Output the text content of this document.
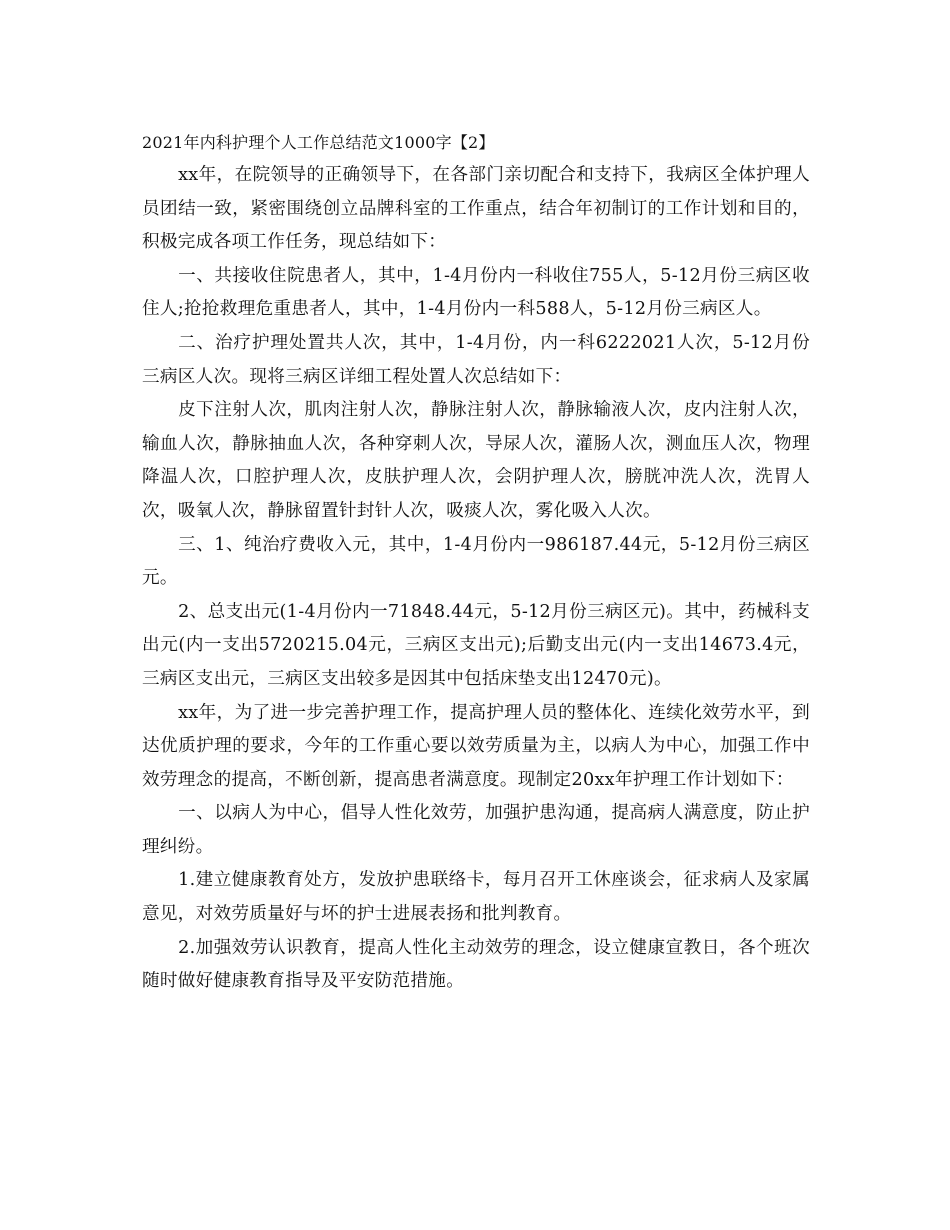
2021年内科护理个人工作总结范文1000字【2】

xx年，在院领导的正确领导下，在各部门亲切配合和支持下，我病区全体护理人员团结一致，紧密围绕创立品牌科室的工作重点，结合年初制订的工作计划和目的，积极完成各项工作任务，现总结如下：

一、共接收住院患者人，其中，1-4月份内一科收住755人，5-12月份三病区收住人;抢抢救理危重患者人，其中，1-4月份内一科588人，5-12月份三病区人。

二、治疗护理处置共人次，其中，1-4月份，内一科6222021人次，5-12月份三病区人次。现将三病区详细工程处置人次总结如下：

皮下注射人次，肌肉注射人次，静脉注射人次，静脉输液人次，皮内注射人次，输血人次，静脉抽血人次，各种穿刺人次，导尿人次，灌肠人次，测血压人次，物理降温人次，口腔护理人次，皮肤护理人次，会阴护理人次，膀胱冲洗人次，洗胃人次，吸氧人次，静脉留置针封针人次，吸痰人次，雾化吸入人次。

三、1、纯治疗费收入元，其中，1-4月份内一986187.44元，5-12月份三病区元。

2、总支出元(1-4月份内一71848.44元，5-12月份三病区元)。其中，药械科支出元(内一支出5720215.04元，三病区支出元);后勤支出元(内一支出14673.4元，三病区支出元，三病区支出较多是因其中包括床垫支出12470元)。

xx年，为了进一步完善护理工作，提高护理人员的整体化、连续化效劳水平，到达优质护理的要求，今年的工作重心要以效劳质量为主，以病人为中心，加强工作中效劳理念的提高，不断创新，提高患者满意度。现制定20xx年护理工作计划如下：

一、以病人为中心，倡导人性化效劳，加强护患沟通，提高病人满意度，防止护理纠纷。

1.建立健康教育处方，发放护患联络卡，每月召开工休座谈会，征求病人及家属意见，对效劳质量好与坏的护士进展表扬和批判教育。

2.加强效劳认识教育，提高人性化主动效劳的理念，设立健康宣教日，各个班次随时做好健康教育指导及平安防范措施。
